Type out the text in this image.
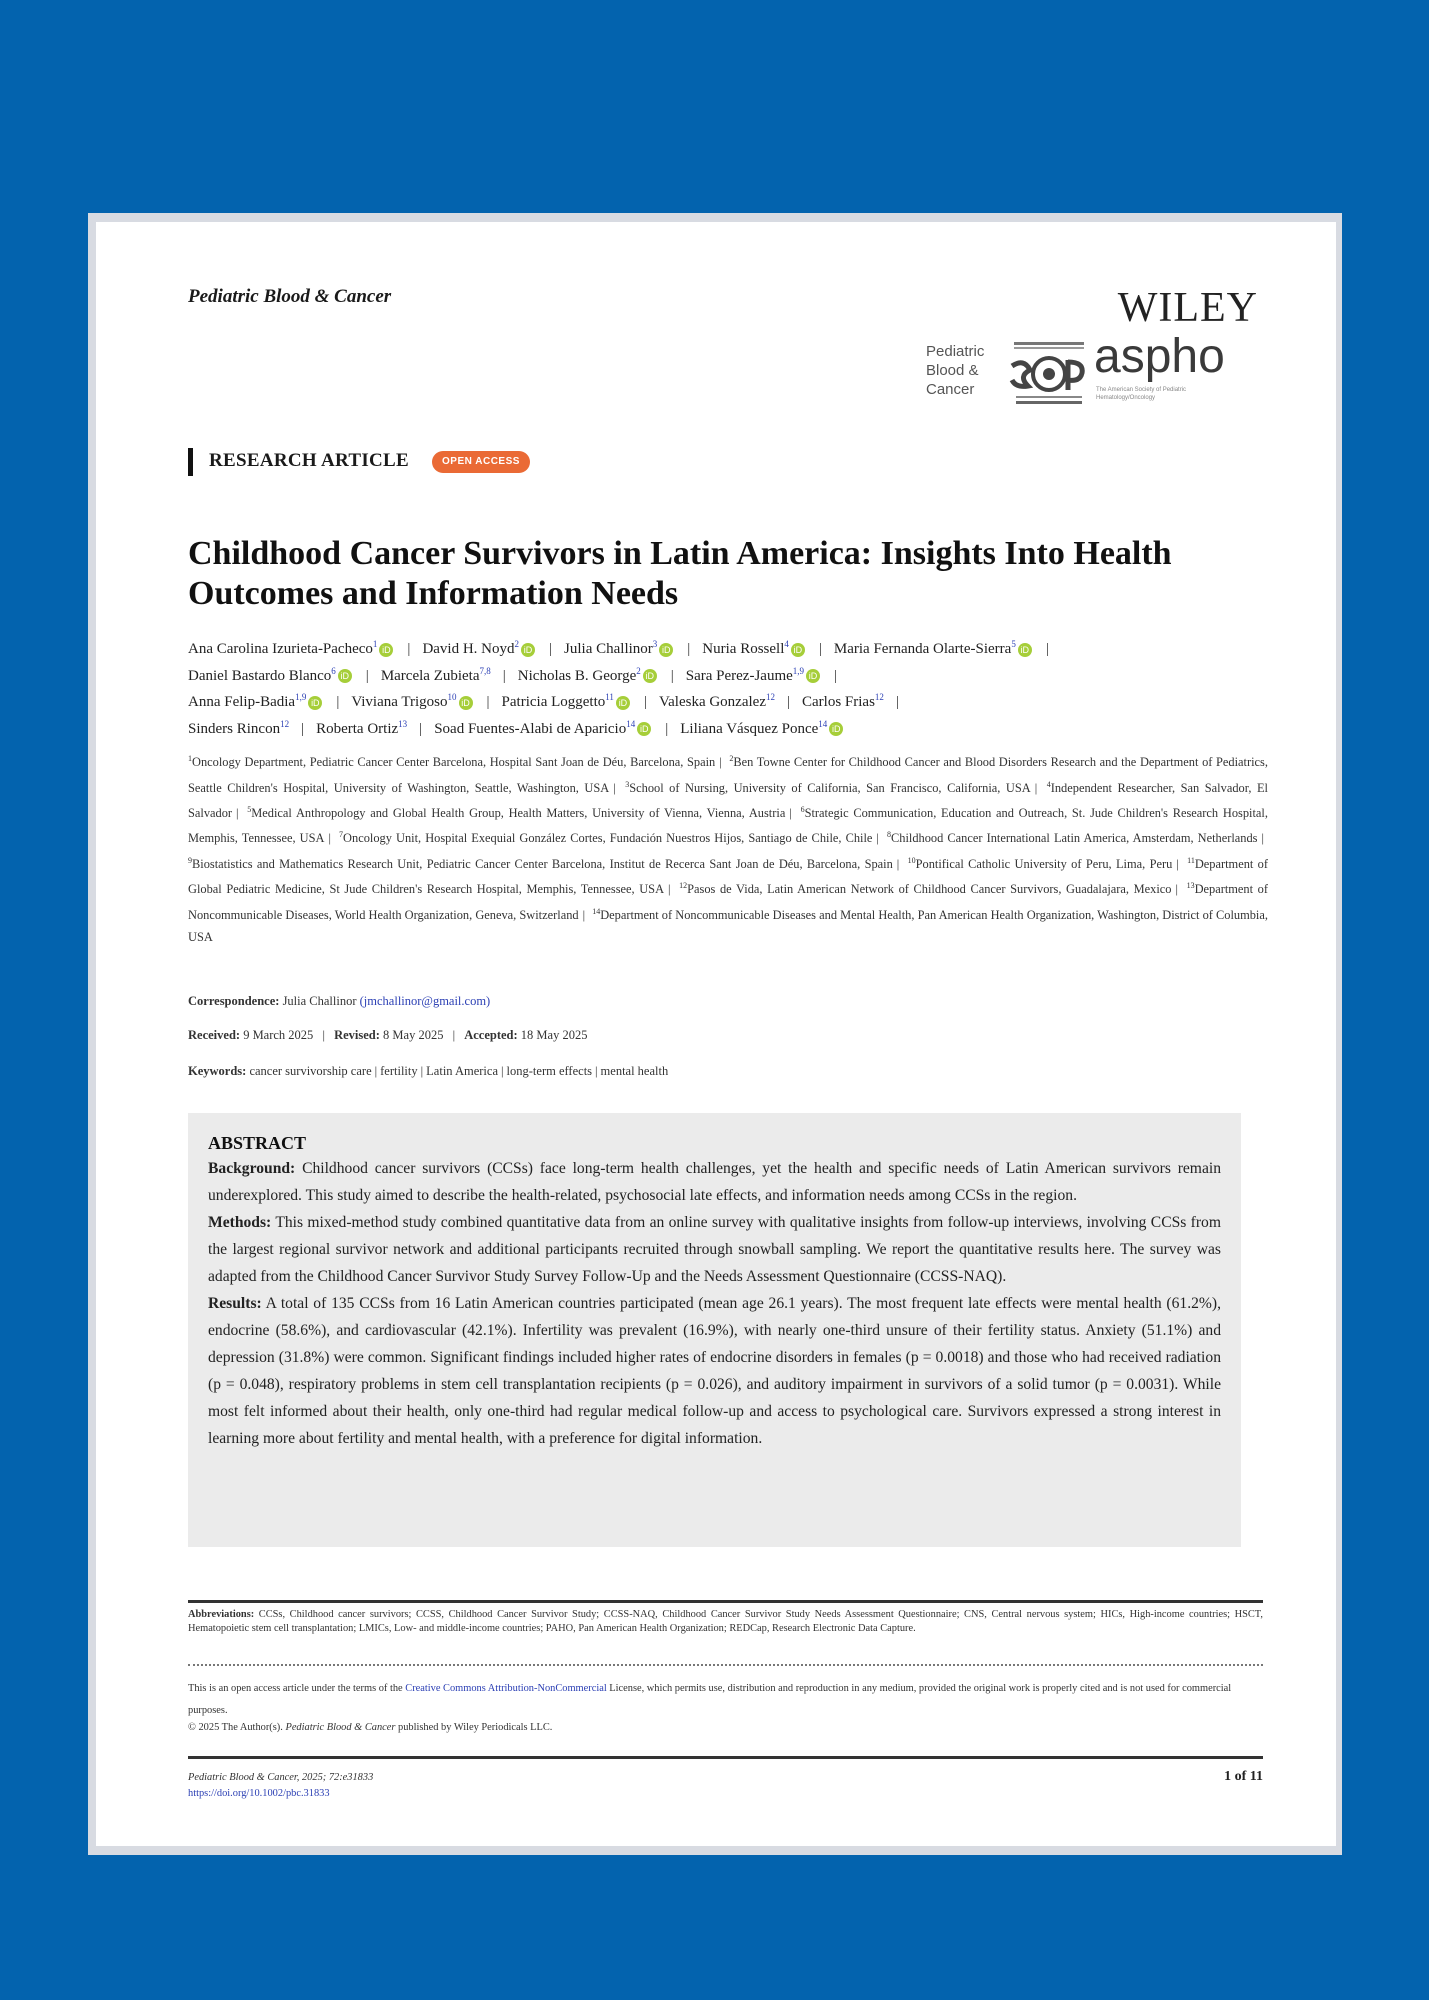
Pediatric Blood & Cancer	WILEY
Pediatric
Blood &
Cancer
aspho
The American Society of Pediatric Hematology/Oncology
RESEARCH ARTICLE	OPEN ACCESS
Childhood Cancer Survivors in Latin America: Insights Into Health Outcomes and Information Needs
Ana Carolina Izurieta-Pacheco$^1$iD | David H. Noyd$^2$iD | Julia Challinor$^3$iD | Nuria Rossell$^4$iD | Maria Fernanda Olarte-Sierra$^5$iD |
Daniel Bastardo Blanco$^6$iD | Marcela Zubieta$^{7,8}$ | Nicholas B. George$^2$iD | Sara Perez-Jaume$^{1,9}$iD |
Anna Felip-Badia$^{1,9}$iD | Viviana Trigoso$^{10}$iD | Patricia Loggetto$^{11}$iD | Valeska Gonzalez$^{12}$ | Carlos Frias$^{12}$ |
Sinders Rincon$^{12}$ | Roberta Ortiz$^{13}$ | Soad Fuentes-Alabi de Aparicio$^{14}$iD | Liliana Vásquez Ponce$^{14}$iD
$^1$Oncology Department, Pediatric Cancer Center Barcelona, Hospital Sant Joan de Déu, Barcelona, Spain | $^2$Ben Towne Center for Childhood Cancer and Blood Disorders Research and the Department of Pediatrics, Seattle Children's Hospital, University of Washington, Seattle, Washington, USA | $^3$School of Nursing, University of California, San Francisco, California, USA | $^4$Independent Researcher, San Salvador, El Salvador | $^5$Medical Anthropology and Global Health Group, Health Matters, University of Vienna, Vienna, Austria | $^6$Strategic Communication, Education and Outreach, St. Jude Children's Research Hospital, Memphis, Tennessee, USA | $^7$Oncology Unit, Hospital Exequial González Cortes, Fundación Nuestros Hijos, Santiago de Chile, Chile | $^8$Childhood Cancer International Latin America, Amsterdam, Netherlands | $^9$Biostatistics and Mathematics Research Unit, Pediatric Cancer Center Barcelona, Institut de Recerca Sant Joan de Déu, Barcelona, Spain | $^{10}$Pontifical Catholic University of Peru, Lima, Peru | $^{11}$Department of Global Pediatric Medicine, St Jude Children's Research Hospital, Memphis, Tennessee, USA | $^{12}$Pasos de Vida, Latin American Network of Childhood Cancer Survivors, Guadalajara, Mexico | $^{13}$Department of Noncommunicable Diseases, World Health Organization, Geneva, Switzerland | $^{14}$Department of Noncommunicable Diseases and Mental Health, Pan American Health Organization, Washington, District of Columbia, USA
Correspondence: Julia Challinor (jmchallinor@gmail.com)
Received: 9 March 2025 | Revised: 8 May 2025 | Accepted: 18 May 2025
Keywords: cancer survivorship care | fertility | Latin America | long-term effects | mental health
ABSTRACT
Background: Childhood cancer survivors (CCSs) face long-term health challenges, yet the health and specific needs of Latin American survivors remain underexplored. This study aimed to describe the health-related, psychosocial late effects, and information needs among CCSs in the region.
Methods: This mixed-method study combined quantitative data from an online survey with qualitative insights from follow-up interviews, involving CCSs from the largest regional survivor network and additional participants recruited through snowball sampling. We report the quantitative results here. The survey was adapted from the Childhood Cancer Survivor Study Survey Follow-Up and the Needs Assessment Questionnaire (CCSS-NAQ).
Results: A total of 135 CCSs from 16 Latin American countries participated (mean age 26.1 years). The most frequent late effects were mental health (61.2%), endocrine (58.6%), and cardiovascular (42.1%). Infertility was prevalent (16.9%), with nearly one-third unsure of their fertility status. Anxiety (51.1%) and depression (31.8%) were common. Significant findings included higher rates of endocrine disorders in females (p = 0.0018) and those who had received radiation (p = 0.048), respiratory problems in stem cell transplantation recipients (p = 0.026), and auditory impairment in survivors of a solid tumor (p = 0.0031). While most felt informed about their health, only one-third had regular medical follow-up and access to psychological care. Survivors expressed a strong interest in learning more about fertility and mental health, with a preference for digital information.
Abbreviations: CCSs, Childhood cancer survivors; CCSS, Childhood Cancer Survivor Study; CCSS-NAQ, Childhood Cancer Survivor Study Needs Assessment Questionnaire; CNS, Central nervous system; HICs, High-income countries; HSCT, Hematopoietic stem cell transplantation; LMICs, Low- and middle-income countries; PAHO, Pan American Health Organization; REDCap, Research Electronic Data Capture.
This is an open access article under the terms of the Creative Commons Attribution-NonCommercial License, which permits use, distribution and reproduction in any medium, provided the original work is properly cited and is not used for commercial purposes.
© 2025 The Author(s). Pediatric Blood & Cancer published by Wiley Periodicals LLC.
Pediatric Blood & Cancer, 2025; 72:e31833
https://doi.org/10.1002/pbc.31833
1 of 11
